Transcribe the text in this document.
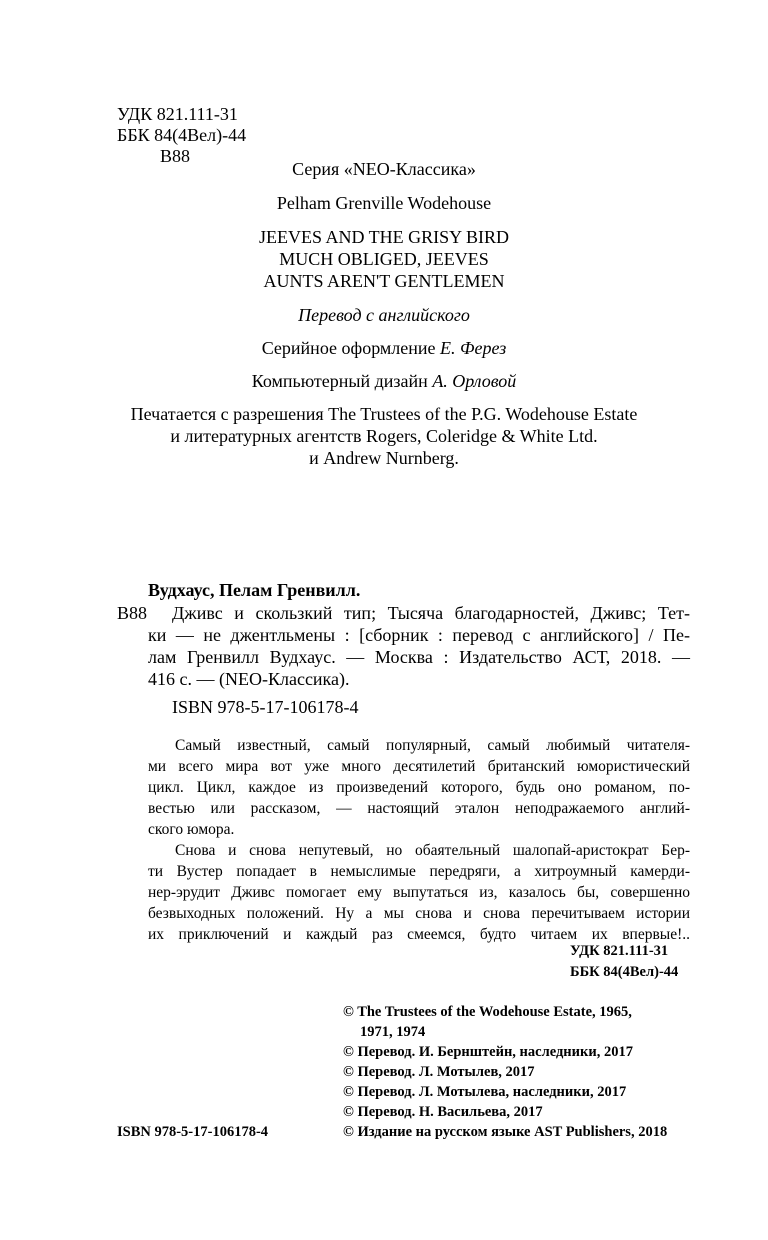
УДК 821.111-31
ББК 84(4Вел)-44
В88
Серия «NEO-Классика»
Pelham Grenville Wodehouse
JEEVES AND THE GRISY BIRD
MUCH OBLIGED, JEEVES
AUNTS AREN'T GENTLEMEN
Перевод с английского
Серийное оформление Е. Ферез
Компьютерный дизайн А. Орловой
Печатается с разрешения The Trustees of the P.G. Wodehouse Estate
и литературных агентств Rogers, Coleridge & White Ltd.
и Andrew Nurnberg.
Вудхаус, Пелам Гренвилл.
В88 Дживс и скользкий тип; Тысяча благодарностей, Дживс; Тет-
ки — не джентльмены : [сборник : перевод с английского] / Пе-
лам Гренвилл Вудхаус. — Москва : Издательство АСТ, 2018. —
416 с. — (NEO-Классика).
ISBN 978-5-17-106178-4
Самый известный, самый популярный, самый любимый читателя-
ми всего мира вот уже много десятилетий британский юмористический
цикл. Цикл, каждое из произведений которого, будь оно романом, по-
вестью или рассказом, — настоящий эталон неподражаемого англий-
ского юмора.
Снова и снова непутевый, но обаятельный шалопай-аристократ Бер-
ти Вустер попадает в немыслимые передряги, а хитроумный камерди-
нер-эрудит Дживс помогает ему выпутаться из, казалось бы, совершенно
безвыходных положений. Ну а мы снова и снова перечитываем истории
их приключений и каждый раз смеемся, будто читаем их впервые!..
УДК 821.111-31
ББК 84(4Вел)-44
© The Trustees of the Wodehouse Estate, 1965,
1971, 1974
© Перевод. И. Бернштейн, наследники, 2017
© Перевод. Л. Мотылев, 2017
© Перевод. Л. Мотылева, наследники, 2017
© Перевод. Н. Васильева, 2017
© Издание на русском языке AST Publishers, 2018
ISBN 978-5-17-106178-4
